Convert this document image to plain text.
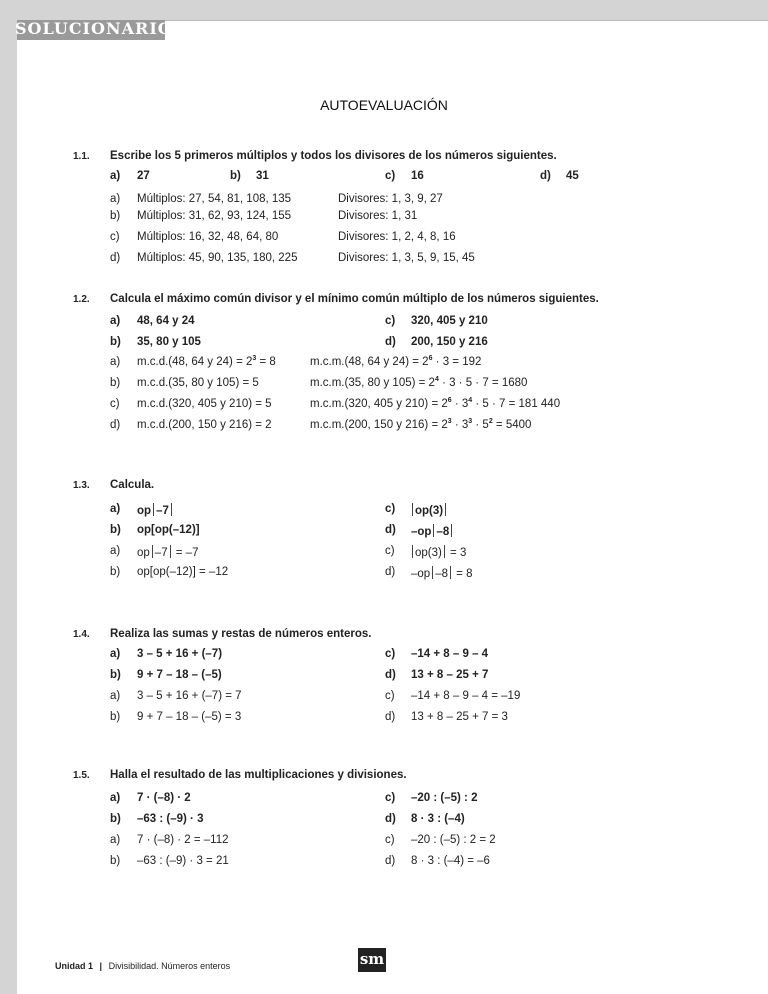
SOLUCIONARIO
AUTOEVALUACIÓN
1.1. Escribe los 5 primeros múltiplos y todos los divisores de los números siguientes.
a) 27	b) 31	c) 16	d) 45
a) Múltiplos: 27, 54, 81, 108, 135	Divisores: 1, 3, 9, 27
b) Múltiplos: 31, 62, 93, 124, 155	Divisores: 1, 31
c) Múltiplos: 16, 32, 48, 64, 80	Divisores: 1, 2, 4, 8, 16
d) Múltiplos: 45, 90, 135, 180, 225	Divisores: 1, 3, 5, 9, 15, 45
1.2. Calcula el máximo común divisor y el mínimo común múltiplo de los números siguientes.
a) 48, 64 y 24	c) 320, 405 y 210
b) 35, 80 y 105	d) 200, 150 y 216
a) m.c.d.(48, 64 y $24) = 2^3 = 8$	m.c.m.(48, 64 y $24) = 2^6 \cdot 3 = 192$
b) m.c.d.(35, 80 y 105) = 5	m.c.m.(35, 80 y $105) = 2^4 \cdot 3 \cdot 5 \cdot 7 = 1680$
c) m.c.d.(320, 405 y 210) = 5	m.c.m.(320, 405 y $210) = 2^6 \cdot 3^4 \cdot 5 \cdot 7 = 181$ 440
d) m.c.d.(200, 150 y 216) = 2	m.c.m.(200, 150 y $216) = 2^3 \cdot 3^3 \cdot 5^2 = 5400$
1.3. Calcula.
a) op –7	c)	op(3)
b) op[op(–12)]	d) –op –8
a) op –7 = –7	c)	op(3) = 3
b) op[op(–12)] = –12	d) –op –8 = 8
1.4. Realiza las sumas y restas de números enteros.
a) 3 – 5 + 16 + (–7)	c) –14 + 8 – 9 – 4
b) 9 + 7 – 18 – (–5)	d) 13 + 8 – 25 + 7
a) 3 – 5 + 16 + (–7) = 7	c) –14 + 8 – 9 – 4 = –19
b) 9 + 7 – 18 – (–5) = 3	d) 13 + 8 – 25 + 7 = 3
1.5. Halla el resultado de las multiplicaciones y divisiones.
a) 7 · (–8) · 2	c) –20 : (–5) : 2
b) –63 : (–9) · 3	d) 8 · 3 : (–4)
a) 7 · (–8) · 2 = –112	c) –20 : (–5) : 2 = 2
b) –63 : (–9) · 3 = 21	d) 8 · 3 : (–4) = –6
Unidad 1 | Divisibilidad. Números enteros	sm
